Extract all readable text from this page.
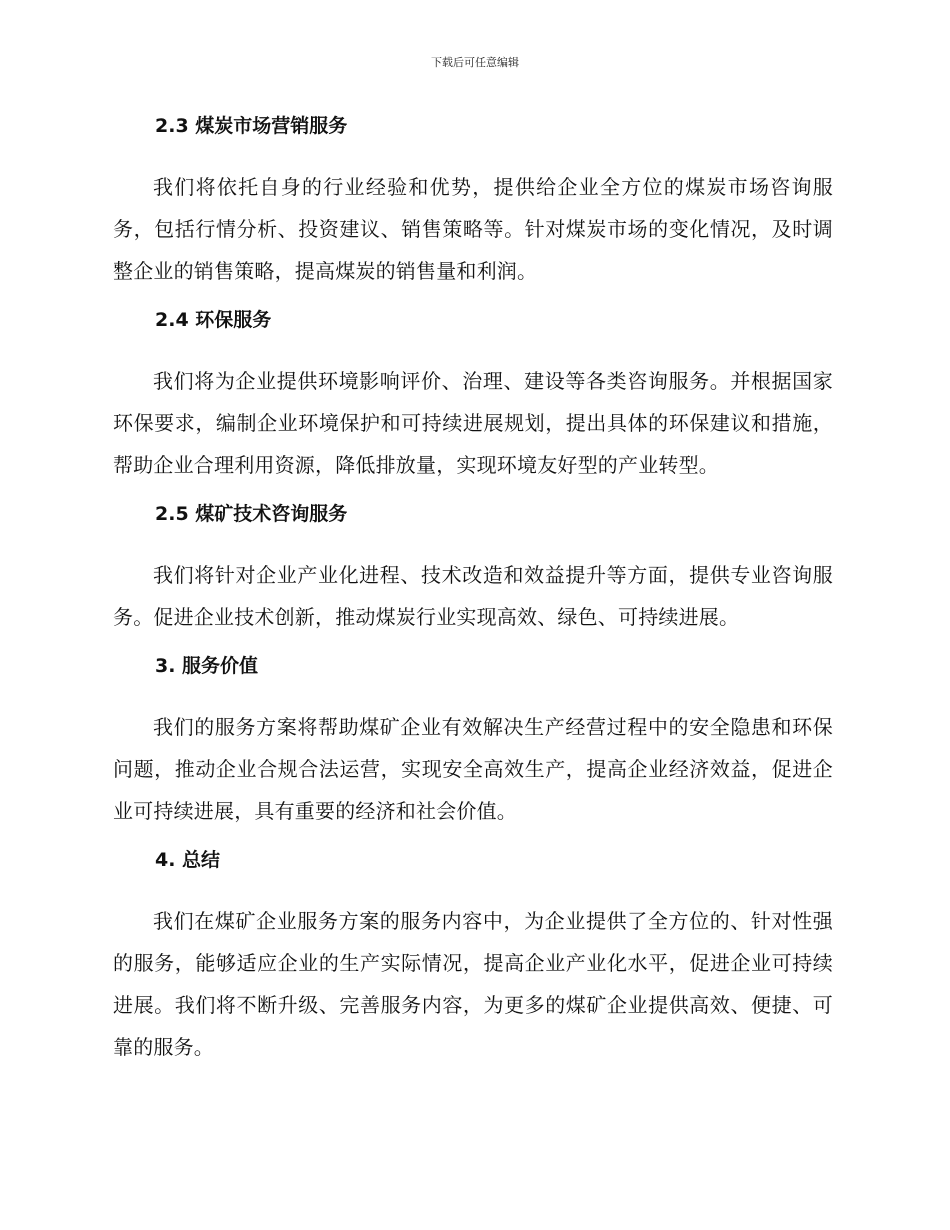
下载后可任意编辑
2.3 煤炭市场营销服务

我们将依托自身的行业经验和优势，提供给企业全方位的煤炭市场咨询服务，包括行情分析、投资建议、销售策略等。针对煤炭市场的变化情况，及时调整企业的销售策略，提高煤炭的销售量和利润。

2.4 环保服务

我们将为企业提供环境影响评价、治理、建设等各类咨询服务。并根据国家环保要求，编制企业环境保护和可持续进展规划，提出具体的环保建议和措施，帮助企业合理利用资源，降低排放量，实现环境友好型的产业转型。

2.5 煤矿技术咨询服务

我们将针对企业产业化进程、技术改造和效益提升等方面，提供专业咨询服务。促进企业技术创新，推动煤炭行业实现高效、绿色、可持续进展。

3. 服务价值

我们的服务方案将帮助煤矿企业有效解决生产经营过程中的安全隐患和环保问题，推动企业合规合法运营，实现安全高效生产，提高企业经济效益，促进企业可持续进展，具有重要的经济和社会价值。

4. 总结

我们在煤矿企业服务方案的服务内容中，为企业提供了全方位的、针对性强的服务，能够适应企业的生产实际情况，提高企业产业化水平，促进企业可持续进展。我们将不断升级、完善服务内容，为更多的煤矿企业提供高效、便捷、可靠的服务。
